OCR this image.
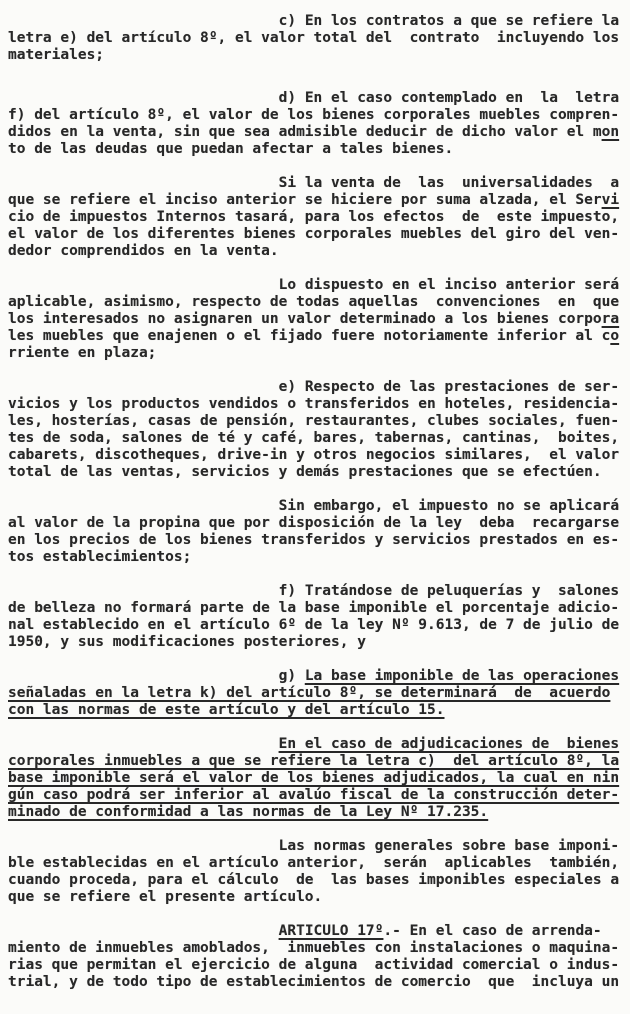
c) En los contratos a que se refiere la
letra e) del artículo 8º, el valor total del  contrato  incluyendo los
materiales;
d) En el caso contemplado en  la  letra
f) del artículo 8º, el valor de los bienes corporales muebles compren-
didos en la venta, sin que sea admisible deducir de dicho valor el mon
to de las deudas que puedan afectar a tales bienes.
Si la venta de  las  universalidades  a
que se refiere el inciso anterior se hiciere por suma alzada, el Servi
cio de impuestos Internos tasará, para los efectos  de  este impuesto,
el valor de los diferentes bienes corporales muebles del giro del ven-
dedor comprendidos en la venta.
Lo dispuesto en el inciso anterior será
aplicable, asimismo, respecto de todas aquellas  convenciones  en  que
los interesados no asignaren un valor determinado a los bienes corpora
les muebles que enajenen o el fijado fuere notoriamente inferior al co
rriente en plaza;
e) Respecto de las prestaciones de ser-
vicios y los productos vendidos o transferidos en hoteles, residencia-
les, hosterías, casas de pensión, restaurantes, clubes sociales, fuen-
tes de soda, salones de té y café, bares, tabernas, cantinas,  boites,
cabarets, discotheques, drive-in y otros negocios similares,  el valor
total de las ventas, servicios y demás prestaciones que se efectúen.
Sin embargo, el impuesto no se aplicará
al valor de la propina que por disposición de la ley  deba  recargarse
en los precios de los bienes transferidos y servicios prestados en es-
tos establecimientos;
f) Tratándose de peluquerías y  salones
de belleza no formará parte de la base imponible el porcentaje adicio-
nal establecido en el artículo 6º de la ley Nº 9.613, de 7 de julio de
1950, y sus modificaciones posteriores, y
g) La base imponible de las operaciones
señaladas en la letra k) del artículo 8º, se determinará  de  acuerdo
con las normas de este artículo y del artículo 15.
En el caso de adjudicaciones de  bienes
corporales inmuebles a que se refiere la letra c)  del artículo 8º, la
base imponible será el valor de los bienes adjudicados, la cual en nin
gún caso podrá ser inferior al avalúo fiscal de la construcción deter-
minado de conformidad a las normas de la Ley Nº 17.235.
Las normas generales sobre base imponi-
ble establecidas en el artículo anterior,  serán  aplicables  también,
cuando proceda, para el cálculo  de  las bases imponibles especiales a
que se refiere el presente artículo.
ARTICULO 17º.- En el caso de arrenda-
miento de inmuebles amoblados,  inmuebles con instalaciones o maquina-
rias que permitan el ejercicio de alguna  actividad comercial o indus-
trial, y de todo tipo de establecimientos de comercio  que  incluya un
